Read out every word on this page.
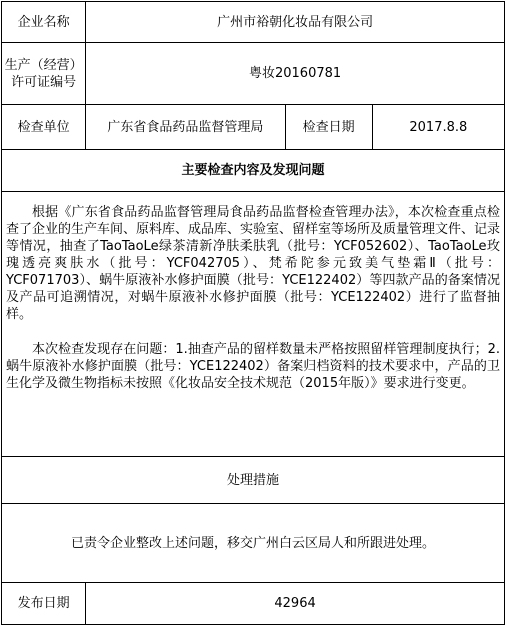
企业名称	广州市裕朝化妆品有限公司		

生产（经营）
许可证编号	粤妆20160781		
检查单位	广东省食品药品监督管理局	检查日期	2017.8.8
主要检查内容及发现问题			

根据《广东省食品药品监督管理局食品药品监督检查管理办法》，本次检查重点检查了企业的生产车间、原料库、成品库、实验室、留样室等场所及质量管理文件、记录等情况，抽查了TaoTaoLe绿茶清新净肤柔肤乳（批号：YCF052602）、TaoTaoLe玫瑰透亮爽肤水（批号：YCF042705）、梵希陀参元致美气垫霜Ⅱ（批号：YCF071703）、蜗牛原液补水修护面膜（批号：YCE122402）等四款产品的备案情况及产品可追溯情况，对蜗牛原液补水修护面膜（批号：YCE122402）进行了监督抽样。

本次检查发现存在问题：1.抽查产品的留样数量未严格按照留样管理制度执行；2.蜗牛原液补水修护面膜（批号：YCE122402）备案归档资料的技术要求中，产品的卫生化学及微生物指标未按照《化妆品安全技术规范（2015年版）》要求进行变更。			

处理措施			
已责令企业整改上述问题，移交广州白云区局人和所跟进处理。			
发布日期	42964		
